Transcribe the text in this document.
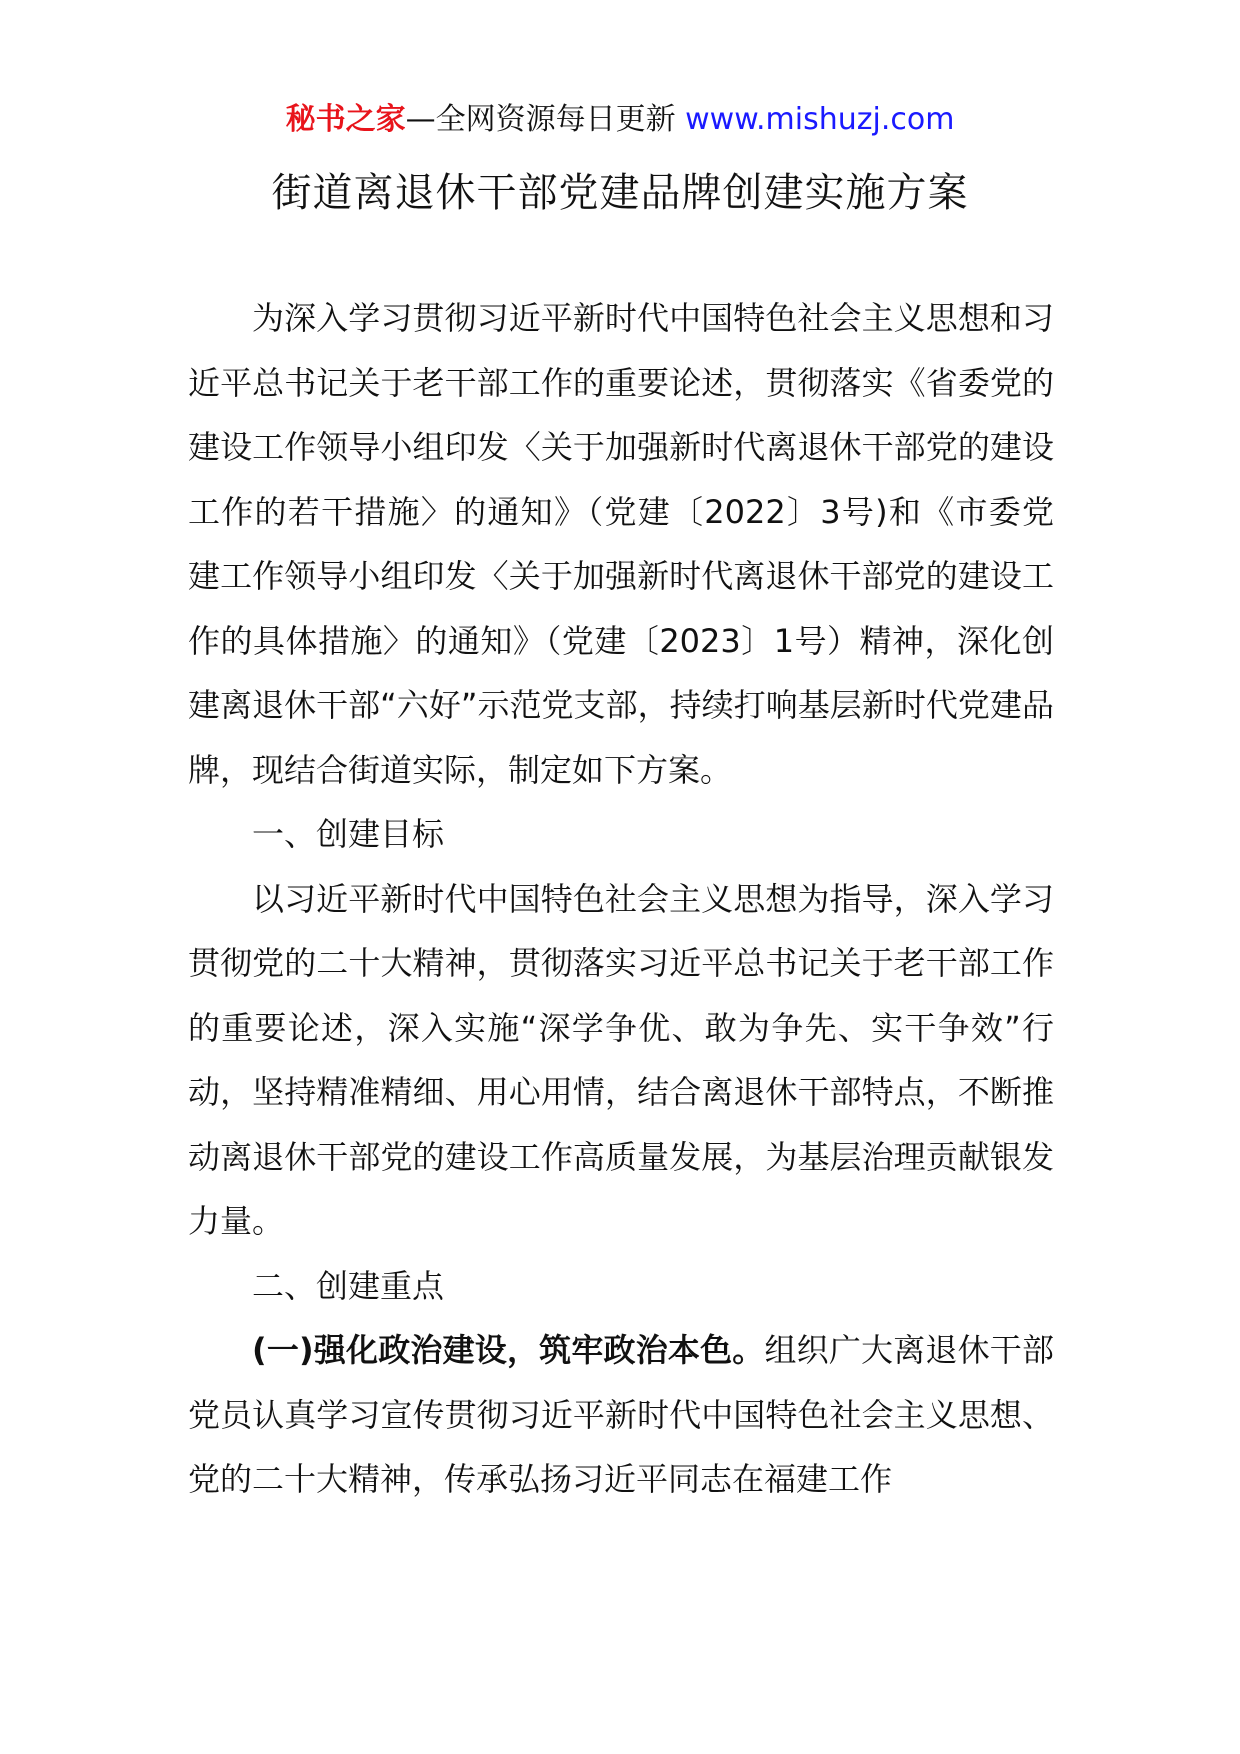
秘书之家—全网资源每日更新 www.mishuzj.com
街道离退休干部党建品牌创建实施方案

为深入学习贯彻习近平新时代中国特色社会主义思想和习近平总书记关于老干部工作的重要论述，贯彻落实《省委党的建设工作领导小组印发〈关于加强新时代离退休干部党的建设工作的若干措施〉的通知》（党建〔2022〕3号)和《市委党建工作领导小组印发〈关于加强新时代离退休干部党的建设工作的具体措施〉的通知》（党建〔2023〕1号）精神，深化创建离退休干部“六好”示范党支部，持续打响基层新时代党建品牌，现结合街道实际，制定如下方案。

一、创建目标

以习近平新时代中国特色社会主义思想为指导，深入学习贯彻党的二十大精神，贯彻落实习近平总书记关于老干部工作的重要论述，深入实施“深学争优、敢为争先、实干争效”行动，坚持精准精细、用心用情，结合离退休干部特点，不断推动离退休干部党的建设工作高质量发展，为基层治理贡献银发力量。

二、创建重点

(一)强化政治建设，筑牢政治本色。组织广大离退休干部党员认真学习宣传贯彻习近平新时代中国特色社会主义思想、党的二十大精神，传承弘扬习近平同志在福建工作
